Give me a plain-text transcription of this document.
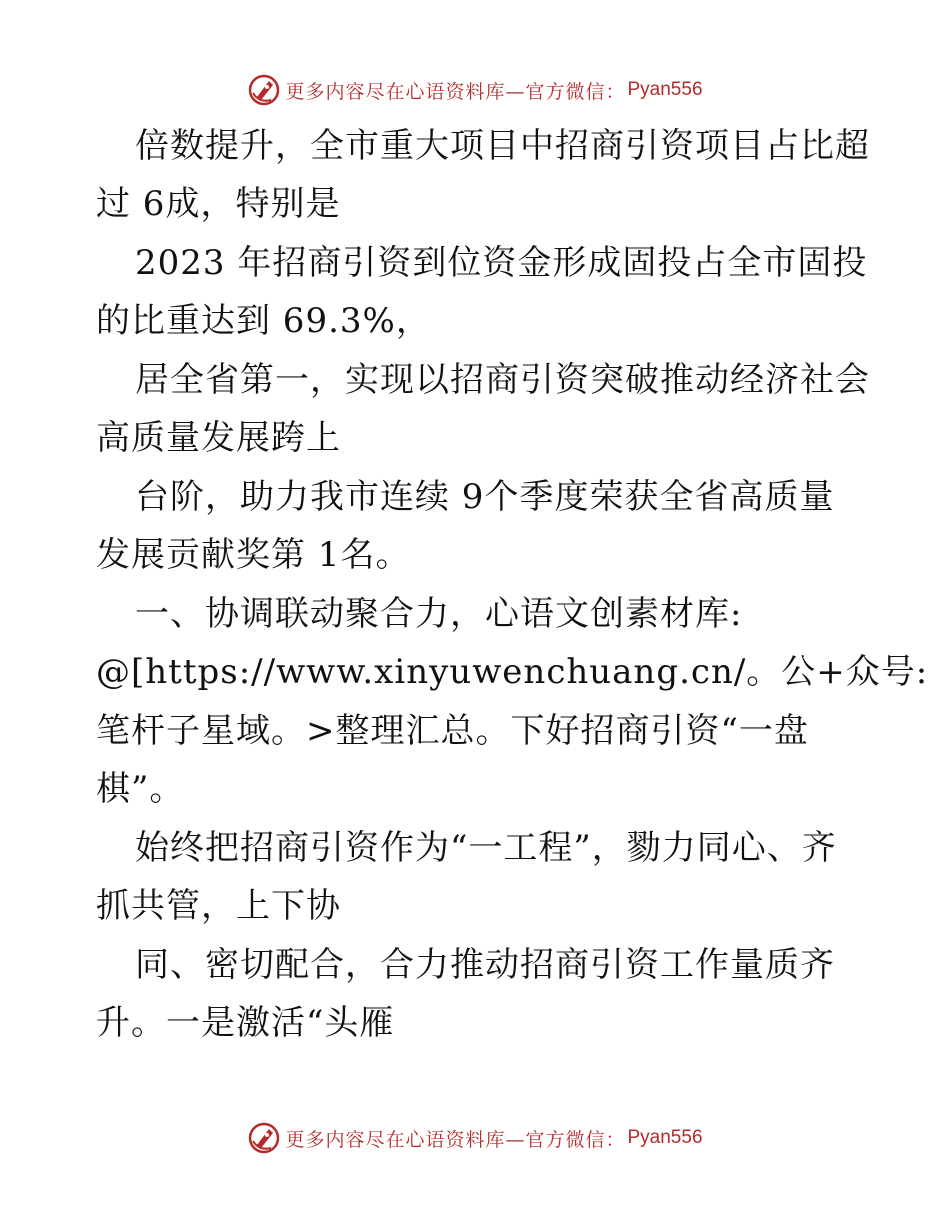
更多内容尽在心语资料库—官方微信： Pyan556
倍数提升，全市重大项目中招商引资项目占比超
过 6成，特别是
2023 年招商引资到位资金形成固投占全市固投
的比重达到 69.3%，
居全省第一，实现以招商引资突破推动经济社会
高质量发展跨上
台阶，助力我市连续 9个季度荣获全省高质量
发展贡献奖第 1名。
一、协调联动聚合力，心语文创素材库:
@[https://www.xinyuwenchuang.cn/。公+众号:
笔杆子星域。>整理汇总。下好招商引资“一盘
棋”。
始终把招商引资作为“一工程”，勠力同心、齐
抓共管，上下协
同、密切配合，合力推动招商引资工作量质齐
升。一是激活“头雁
更多内容尽在心语资料库—官方微信： Pyan556
